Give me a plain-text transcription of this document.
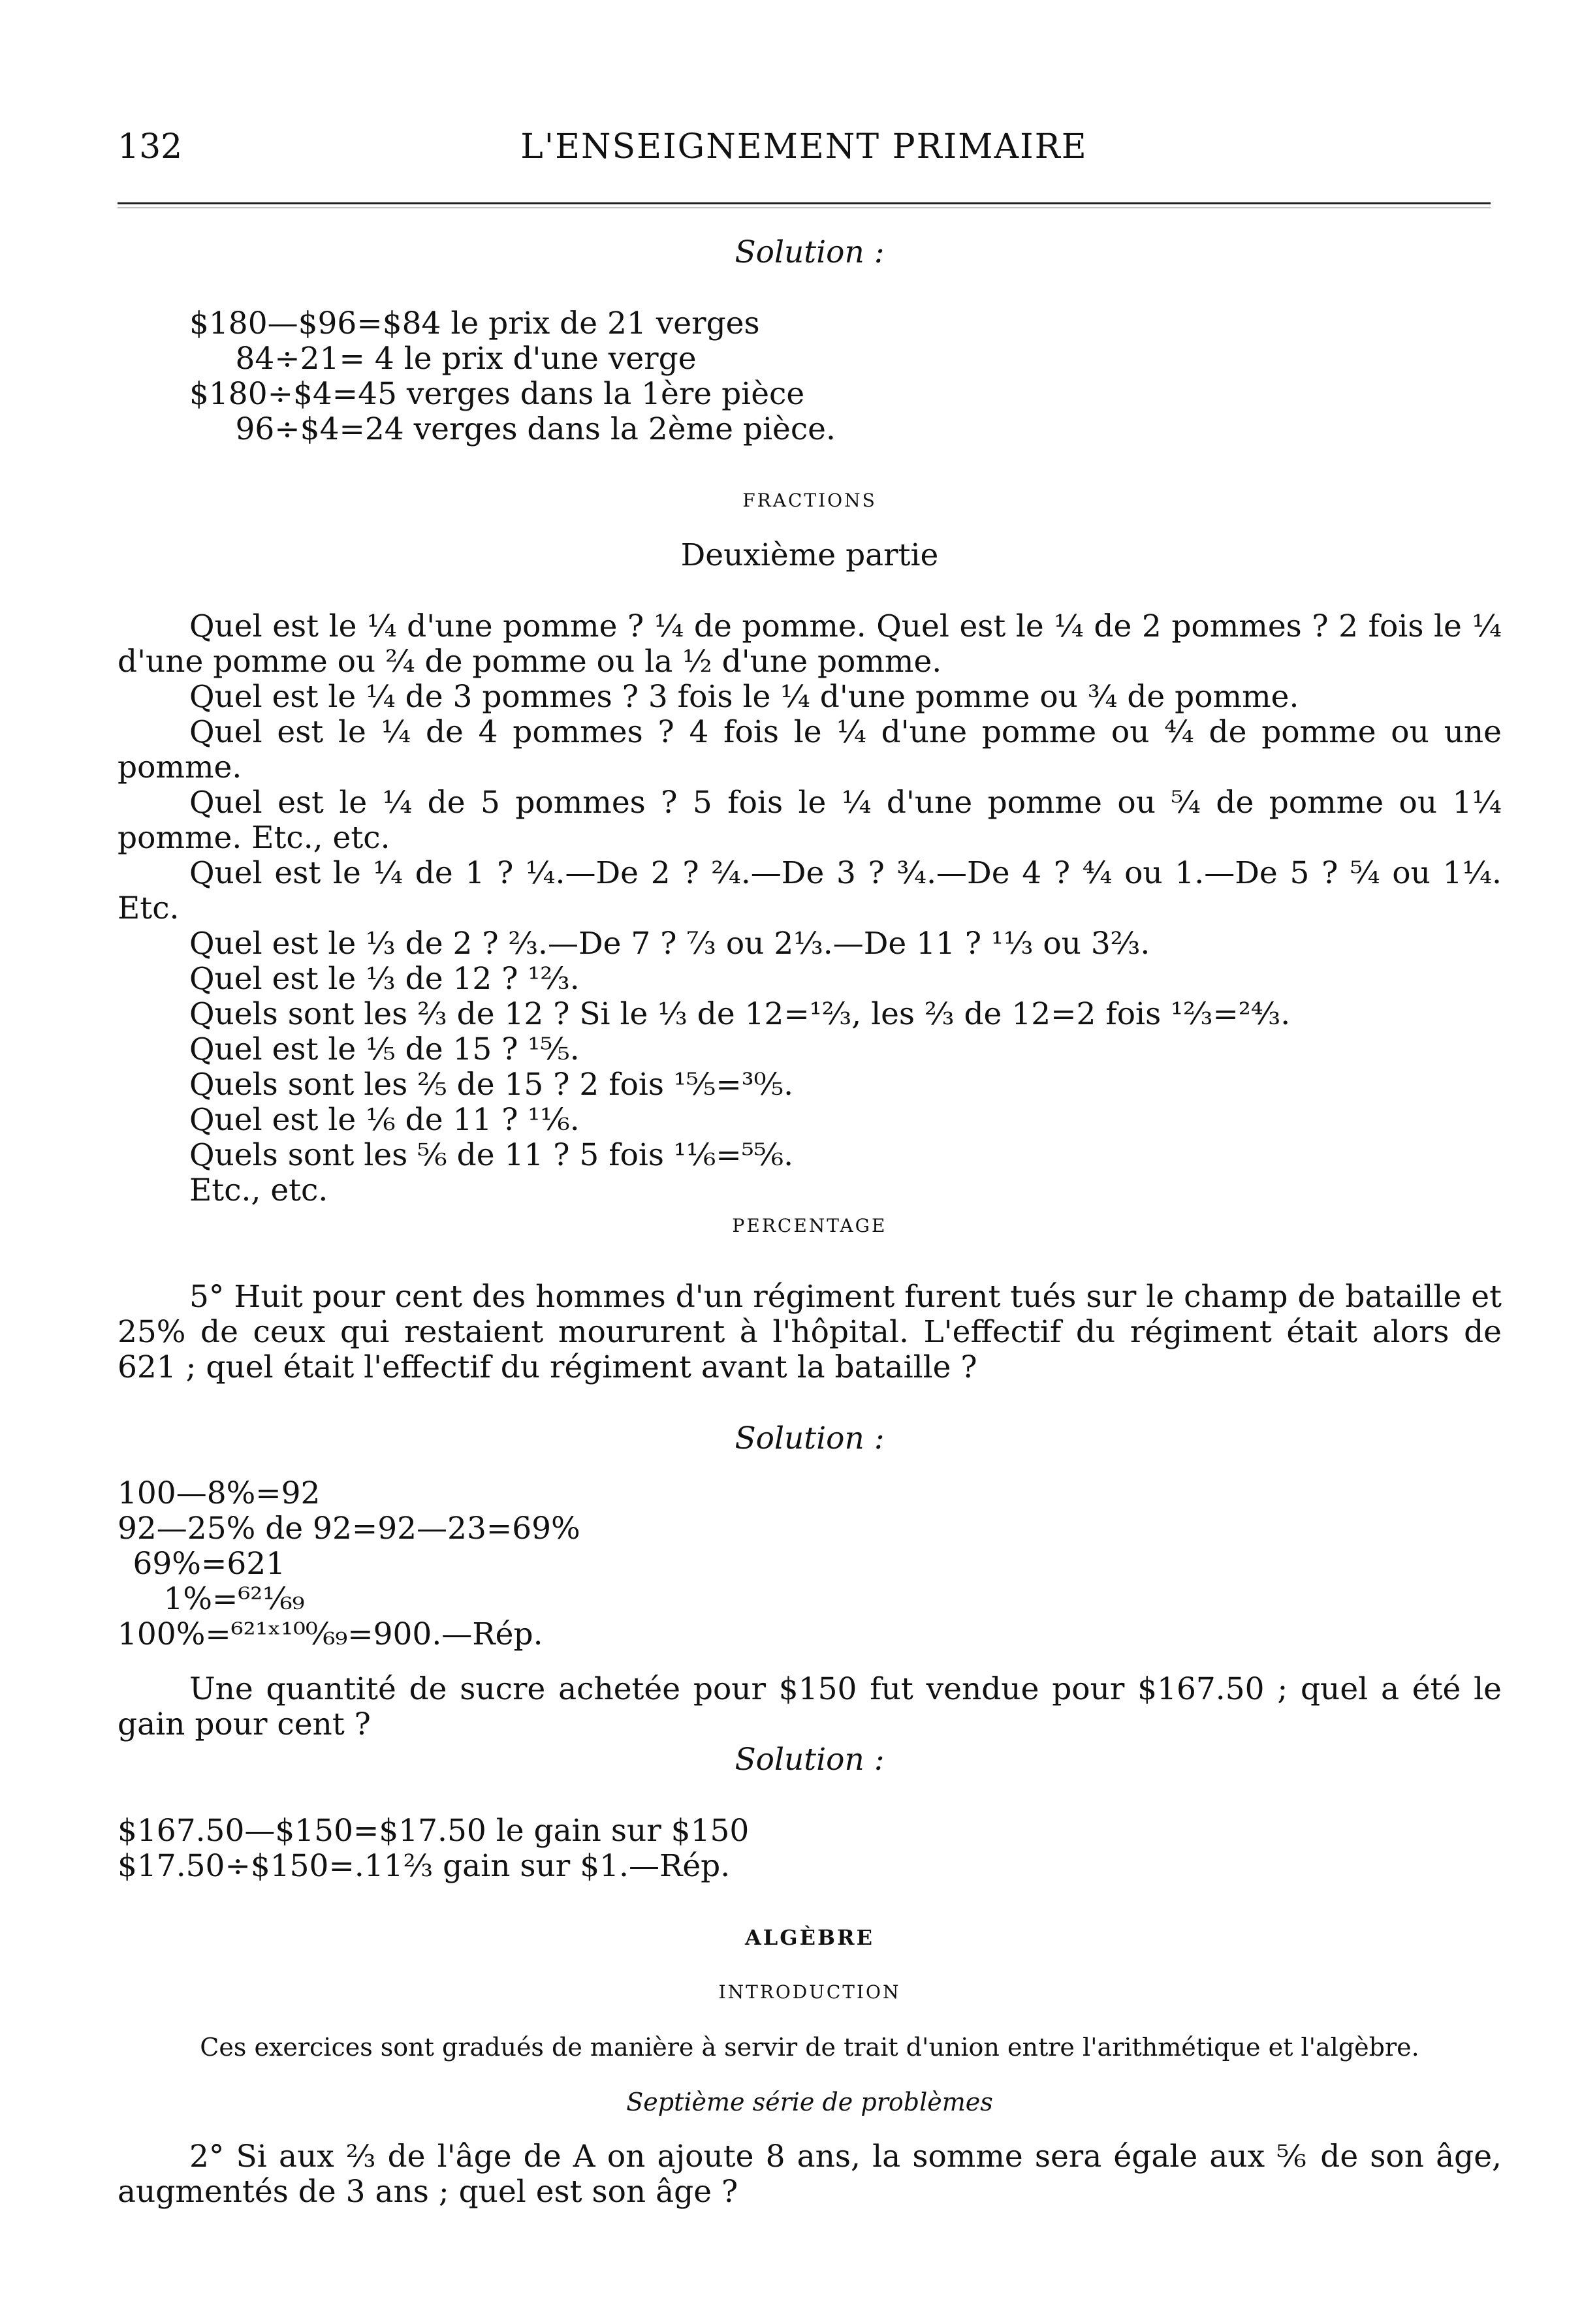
132	L'ENSEIGNEMENT PRIMAIRE
Solution :
$180—$96=$84 le prix de 21 verges
  84÷21= 4 le prix d'une verge
$180÷$4=45 verges dans la 1ère pièce
  96÷$4=24 verges dans la 2ème pièce.
FRACTIONS
Deuxième partie

Quel est le ¼ d'une pomme ? ¼ de pomme. Quel est le ¼ de 2 pommes ? 2 fois le ¼ d'une pomme ou ²⁄₄ de pomme ou la ½ d'une pomme.

Quel est le ¼ de 3 pommes ? 3 fois le ¼ d'une pomme ou ¾ de pomme.

Quel est le ¼ de 4 pommes ? 4 fois le ¼ d'une pomme ou ⁴⁄₄ de pomme ou une pomme.

Quel est le ¼ de 5 pommes ? 5 fois le ¼ d'une pomme ou ⁵⁄₄ de pomme ou 1¼ pomme. Etc., etc.

Quel est le ¼ de 1 ? ¼.—De 2 ? ²⁄₄.—De 3 ? ¾.—De 4 ? ⁴⁄₄ ou 1.—De 5 ? ⁵⁄₄ ou 1¼. Etc.

Quel est le ⅓ de 2 ? ⅔.—De 7 ? ⁷⁄₃ ou 2⅓.—De 11 ? ¹¹⁄₃ ou 3⅔.

Quel est le ⅓ de 12 ? ¹²⁄₃.

Quels sont les ⅔ de 12 ? Si le ⅓ de 12=¹²⁄₃, les ⅔ de 12=2 fois ¹²⁄₃=²⁴⁄₃.

Quel est le ⅕ de 15 ? ¹⁵⁄₅.

Quels sont les ⅖ de 15 ? 2 fois ¹⁵⁄₅=³⁰⁄₅.

Quel est le ⅙ de 11 ? ¹¹⁄₆.

Quels sont les ⅚ de 11 ? 5 fois ¹¹⁄₆=⁵⁵⁄₆.

Etc., etc.

PERCENTAGE

5° Huit pour cent des hommes d'un régiment furent tués sur le champ de bataille et 25% de ceux qui restaient moururent à l'hôpital. L'effectif du régiment était alors de 621 ; quel était l'effectif du régiment avant la bataille ?

Solution :
100—8%=92
92—25% de 92=92—23=69%
 69%=621
  1%=⁶²¹⁄₆₉
100%=⁶²¹ˣ¹⁰⁰⁄₆₉=900.—Rép.

Une quantité de sucre achetée pour $150 fut vendue pour $167.50 ; quel a été le gain pour cent ?

Solution :
$167.50—$150=$17.50 le gain sur $150
$17.50÷$150=.11⅔ gain sur $1.—Rép.
ALGÈBRE
INTRODUCTION
Ces exercices sont gradués de manière à servir de trait d'union entre l'arithmétique et l'algèbre.
Septième série de problèmes

2° Si aux ⅔ de l'âge de A on ajoute 8 ans, la somme sera égale aux ⅚ de son âge, augmentés de 3 ans ; quel est son âge ?
